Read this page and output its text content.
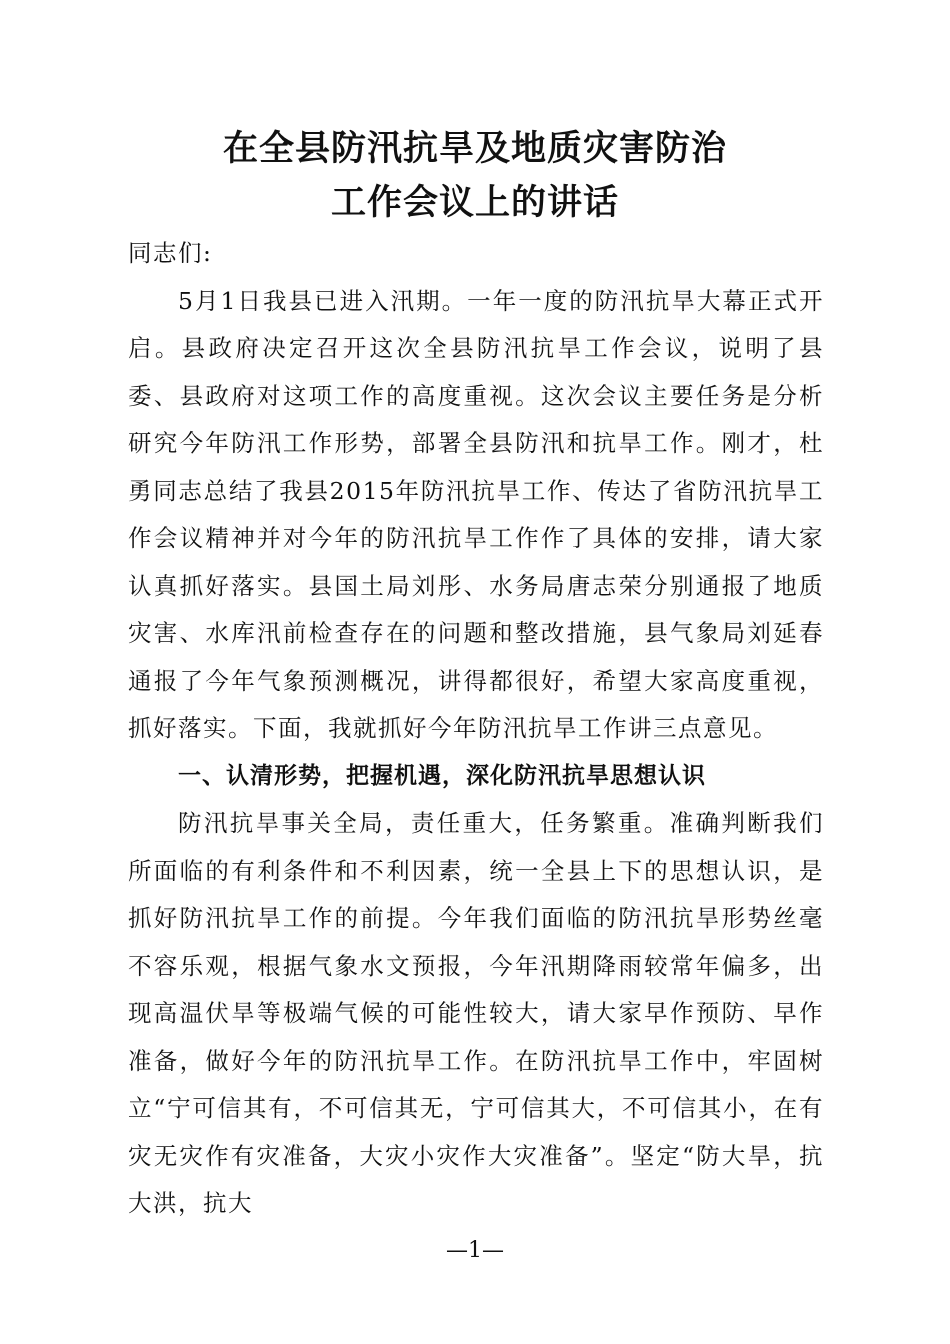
在全县防汛抗旱及地质灾害防治
工作会议上的讲话

同志们:

5月1日我县已进入汛期。一年一度的防汛抗旱大幕正式开启。县政府决定召开这次全县防汛抗旱工作会议，说明了县委、县政府对这项工作的高度重视。这次会议主要任务是分析研究今年防汛工作形势，部署全县防汛和抗旱工作。刚才，杜勇同志总结了我县2015年防汛抗旱工作、传达了省防汛抗旱工作会议精神并对今年的防汛抗旱工作作了具体的安排，请大家认真抓好落实。县国土局刘彤、水务局唐志荣分别通报了地质灾害、水库汛前检查存在的问题和整改措施，县气象局刘延春通报了今年气象预测概况，讲得都很好，希望大家高度重视，抓好落实。下面，我就抓好今年防汛抗旱工作讲三点意见。

一、认清形势，把握机遇，深化防汛抗旱思想认识

防汛抗旱事关全局，责任重大，任务繁重。准确判断我们所面临的有利条件和不利因素，统一全县上下的思想认识，是抓好防汛抗旱工作的前提。今年我们面临的防汛抗旱形势丝毫不容乐观，根据气象水文预报，今年汛期降雨较常年偏多，出现高温伏旱等极端气候的可能性较大，请大家早作预防、早作准备，做好今年的防汛抗旱工作。在防汛抗旱工作中，牢固树立“宁可信其有，不可信其无，宁可信其大，不可信其小，在有灾无灾作有灾准备，大灾小灾作大灾准备”。坚定“防大旱，抗大洪，抗大

—1—
